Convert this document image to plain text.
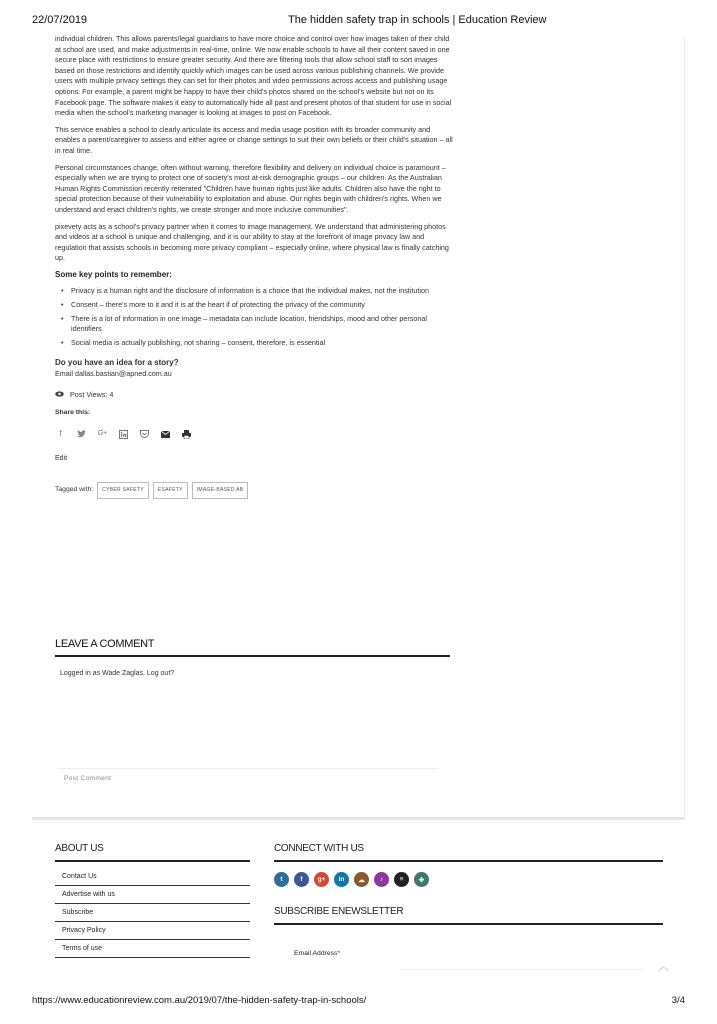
22/07/2019	The hidden safety trap in schools | Education Review

individual children. This allows parents/legal guardians to have more choice and control over how images taken of their child at school are used, and make adjustments in real-time, online. We now enable schools to have all their content saved in one secure place with restrictions to ensure greater security. And there are filtering tools that allow school staff to sort images based on those restrictions and identify quickly which images can be used across various publishing channels. We provide users with multiple privacy settings they can set for their photos and video permissions across access and publishing usage options. For example, a parent might be happy to have their child's photos shared on the school's website but not on its Facebook page. The software makes it easy to automatically hide all past and present photos of that student for use in social media when the school's marketing manager is looking at images to post on Facebook.

This service enables a school to clearly articulate its access and media usage position with its broader community and enables a parent/caregiver to assess and either agree or change settings to suit their own beliefs or their child's situation – all in real time.

Personal circumstances change, often without warning, therefore flexibility and delivery on individual choice is paramount – especially when we are trying to protect one of society's most at-risk demographic groups – our children. As the Australian Human Rights Commission recently reiterated "Children have human rights just like adults. Children also have the right to special protection because of their vulnerability to exploitation and abuse. Our rights begin with children's rights. When we understand and enact children's rights, we create stronger and more inclusive communities".

pixevety acts as a school's privacy partner when it comes to image management. We understand that administering photos and videos at a school is unique and challenging, and it is our ability to stay at the forefront of image privacy law and regulation that assists schools in becoming more privacy compliant – especially online, where physical law is finally catching up.

Some key points to remember:
• Privacy is a human right and the disclosure of information is a choice that the individual makes, not the institution
• Consent – there's more to it and it is at the heart if of protecting the privacy of the community
• There is a lot of information in one image – metadata can include location, friendships, mood and other personal identifiers
• Social media is actually publishing, not sharing – consent, therefore, is essential
Do you have an idea for a story?
Email dallas.bastian@apned.com.au
Post Views: 4
Share this:
f	G+
Edit
Tagged with:	CYBER SAFETY	ESAFETY	IMAGE-BASED AB
LEAVE A COMMENT
Logged in as Wade Zaglas. Log out?
Post Comment
ABOUT US
Contact Us
Advertise with us
Subscribe
Privacy Policy
Terms of use
CONNECT WITH US
t	f	g+	in	☁	♪	≡	✚
SUBSCRIBE ENEWSLETTER
Email Address*
︿
https://www.educationreview.com.au/2019/07/the-hidden-safety-trap-in-schools/	3/4
